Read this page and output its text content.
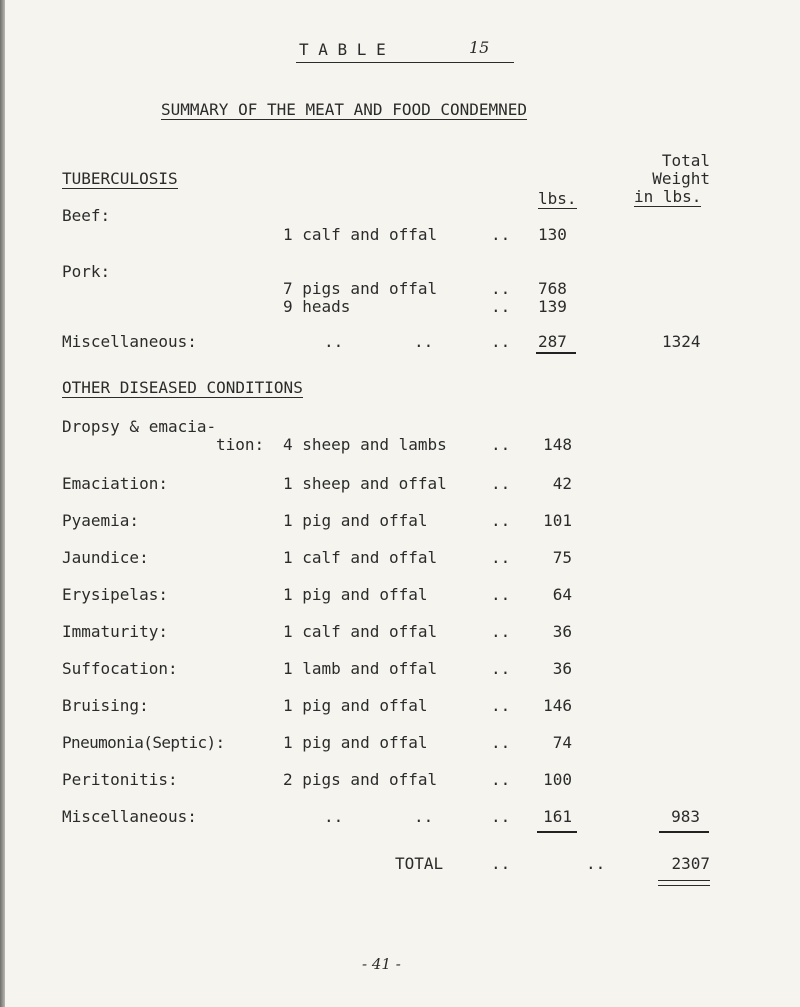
T A B L E	15
SUMMARY OF THE MEAT AND FOOD CONDEMNED
Total
Weight
in lbs.
lbs.
TUBERCULOSIS
Beef:
1 calf and offal	.. 130
Pork:
7 pigs and offal	.. 768
9 heads	.. 139
Miscellaneous:	..	..	.. 287	1324
OTHER DISEASED CONDITIONS
Dropsy & emacia-
tion: 4 sheep and lambs	..	148
Emaciation:	1 sheep and offal	..	42
Pyaemia:	1 pig and offal	..	101
Jaundice:	1 calf and offal	..	75
Erysipelas:	1 pig and offal	..	64
Immaturity:	1 calf and offal	..	36
Suffocation:	1 lamb and offal	..	36
Bruising:	1 pig and offal	..	146
Pneumonia(Septic):	1 pig and offal	..	74
Peritonitis:	2 pigs and offal	..	100
Miscellaneous:	..	..	..	161	983
TOTAL	..	..	2307
- 41 -
